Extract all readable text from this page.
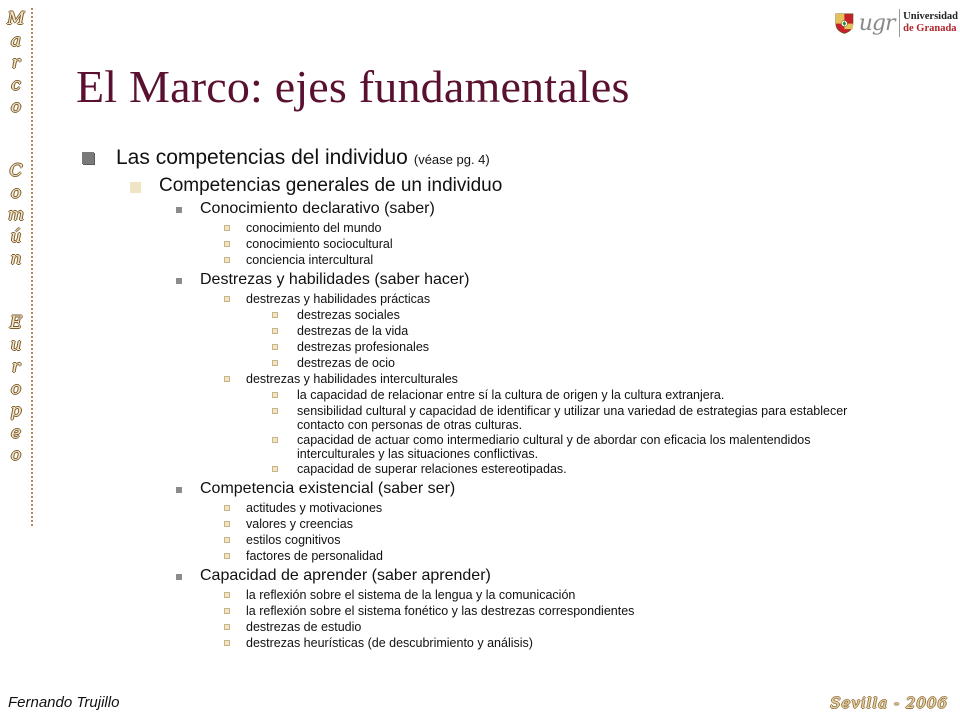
M
a
r
c
o
C
o
m
ú
n
E
u
r
o
p
e
o
ugr Universidad
de Granada
El Marco: ejes fundamentales
Las competencias del individuo (véase pg. 4)
Competencias generales de un individuo
Conocimiento declarativo (saber)
conocimiento del mundo
conocimiento sociocultural
conciencia intercultural
Destrezas y habilidades (saber hacer)
destrezas y habilidades prácticas
destrezas sociales
destrezas de la vida
destrezas profesionales
destrezas de ocio
destrezas y habilidades interculturales
la capacidad de relacionar entre sí la cultura de origen y la cultura extranjera.
sensibilidad cultural y capacidad de identificar y utilizar una variedad de estrategias para establecer contacto con personas de otras culturas.
capacidad de actuar como intermediario cultural y de abordar con eficacia los malentendidos interculturales y las situaciones conflictivas.
capacidad de superar relaciones estereotipadas.
Competencia existencial (saber ser)
actitudes y motivaciones
valores y creencias
estilos cognitivos
factores de personalidad
Capacidad de aprender (saber aprender)
la reflexión sobre el sistema de la lengua y la comunicación
la reflexión sobre el sistema fonético y las destrezas correspondientes
destrezas de estudio
destrezas heurísticas (de descubrimiento y análisis)
Fernando Trujillo	Sevilla - 2006
